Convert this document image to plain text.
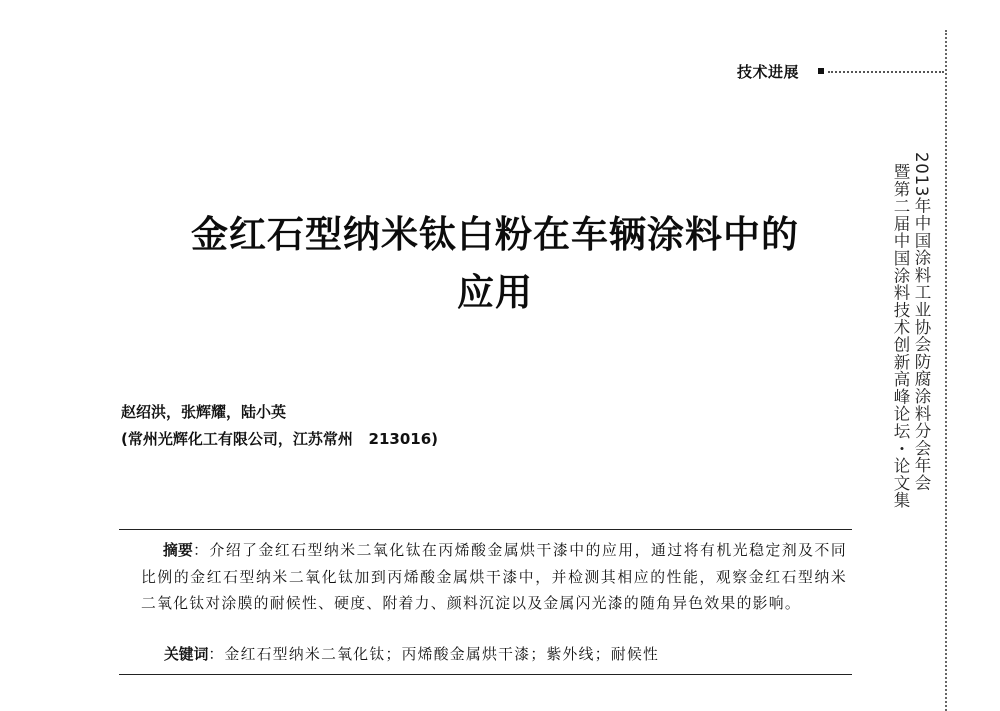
技术进展
2013年中国涂料工业协会防腐涂料分会年会
暨第二届中国涂料技术创新高峰论坛・论文集
金红石型纳米钛白粉在车辆涂料中的
应用
赵绍洪，张辉耀，陆小英
(常州光辉化工有限公司，江苏常州   213016)
摘要：介绍了金红石型纳米二氧化钛在丙烯酸金属烘干漆中的应用，通过将有机光稳定剂及不同比例的金红石型纳米二氧化钛加到丙烯酸金属烘干漆中，并检测其相应的性能，观察金红石型纳米二氧化钛对涂膜的耐候性、硬度、附着力、颜料沉淀以及金属闪光漆的随角异色效果的影响。
关键词：金红石型纳米二氧化钛；丙烯酸金属烘干漆；紫外线；耐候性
